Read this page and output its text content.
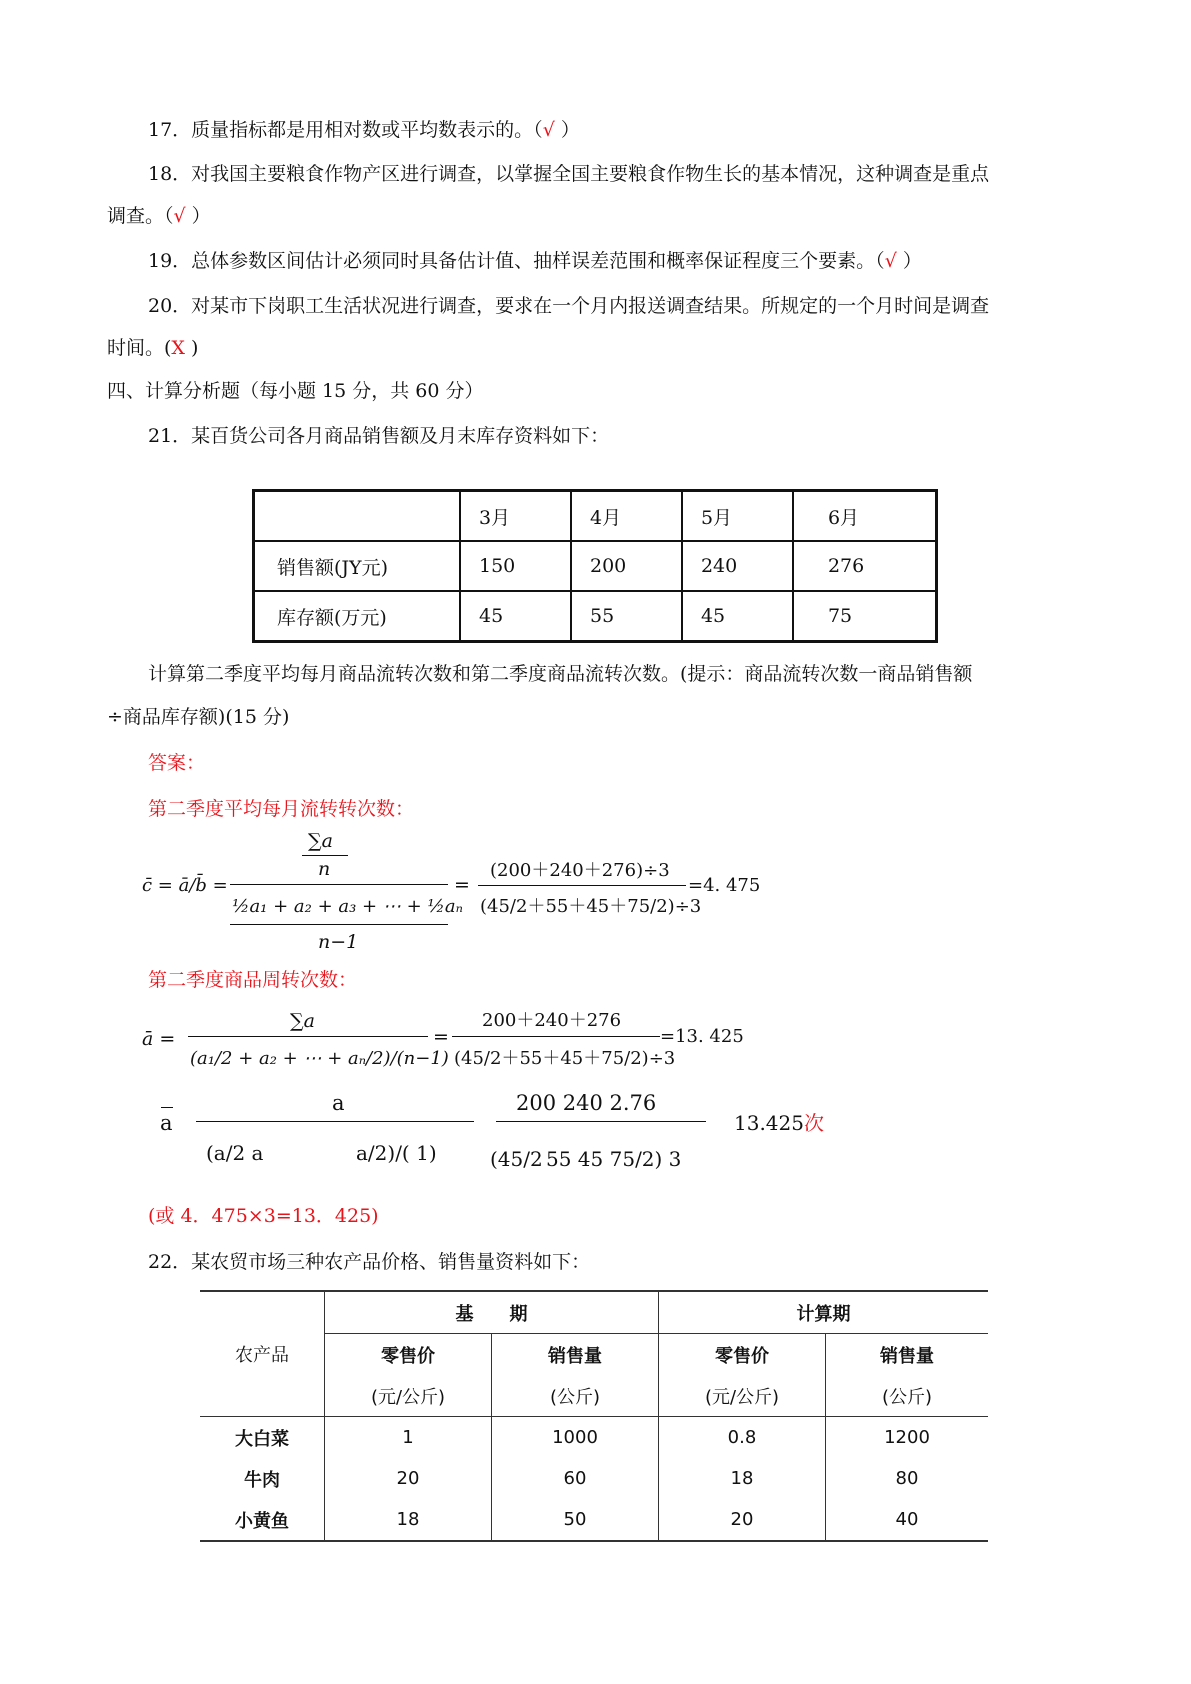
17．质量指标都是用相对数或平均数表示的。（√ ）
18．对我国主要粮食作物产区进行调查，以掌握全国主要粮食作物生长的基本情况，这种调查是重点
调查。（√ ）
19．总体参数区间估计必须同时具备估计值、抽样误差范围和概率保证程度三个要素。（√ ）
20．对某市下岗职工生活状况进行调查，要求在一个月内报送调查结果。所规定的一个月时间是调查
时间。(X )
四、计算分析题（每小题 15 分，共 60 分）
21．某百货公司各月商品销售额及月末库存资料如下：
	3月	4月	5月	6月
销售额(JY元)	150	200	240	276
库存额(万元)	45	55	45	75
计算第二季度平均每月商品流转次数和第二季度商品流转次数。(提示：商品流转次数一商品销售额
÷商品库存额)(15 分)
答案：
第二季度平均每月流转转次数：
c̄ = ā/b̄ =
∑a
n
½a₁ + a₂ + a₃ + ⋯ + ½aₙ
n−1
=
(200＋240＋276)÷3
(45/2＋55＋45＋75/2)÷3
=4. 475
第二季度商品周转次数：
ā =
∑a
(a₁/2 + a₂ + ⋯ + aₙ/2)/(n−1)
=
200＋240＋276
(45/2＋55＋45＋75/2)÷3
=13. 425
a
a
(a/2 a	a/2)/( 1)
200 240 2.76
(45/2 55 45 75/2) 3
13.425次
(或 4．475×3=13．425)
22．某农贸市场三种农产品价格、销售量资料如下：
农产品	基　　期		计算期	
	零售价	销售量	零售价	销售量
	(元/公斤)	(公斤)	(元/公斤)	(公斤)
大白菜	1	1000	0.8	1200
牛肉	20	60	18	80
小黄鱼	18	50	20	40
